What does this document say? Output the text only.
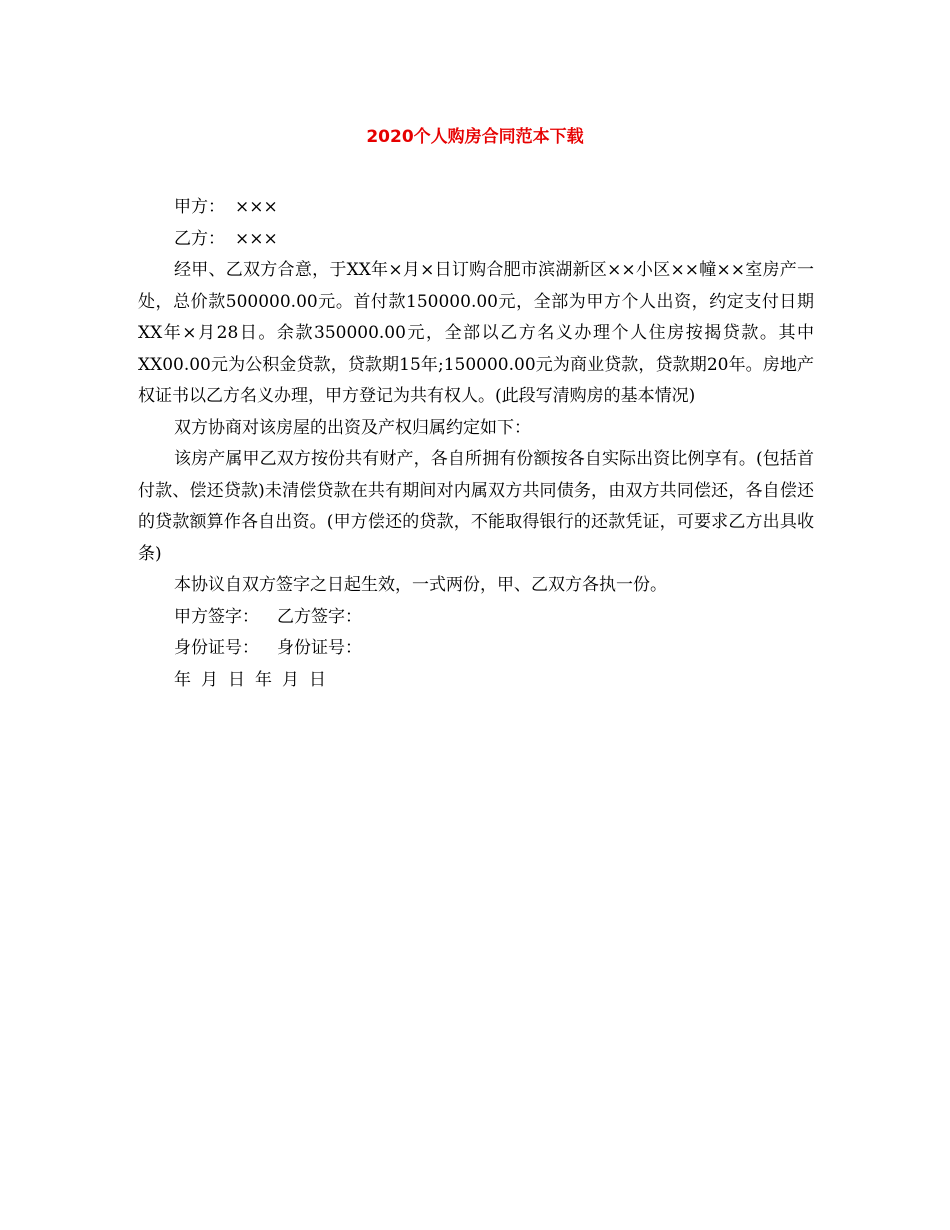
2020个人购房合同范本下载

甲方： ×××

乙方： ×××

经甲、乙双方合意，于XX年×月×日订购合肥市滨湖新区××小区××幢××室房产一处，总价款500000.00元。首付款150000.00元，全部为甲方个人出资，约定支付日期XX年×月28日。余款350000.00元，全部以乙方名义办理个人住房按揭贷款。其中XX00.00元为公积金贷款，贷款期15年;150000.00元为商业贷款，贷款期20年。房地产权证书以乙方名义办理，甲方登记为共有权人。(此段写清购房的基本情况)

双方协商对该房屋的出资及产权归属约定如下：

该房产属甲乙双方按份共有财产，各自所拥有份额按各自实际出资比例享有。(包括首付款、偿还贷款)未清偿贷款在共有期间对内属双方共同债务，由双方共同偿还，各自偿还的贷款额算作各自出资。(甲方偿还的贷款，不能取得银行的还款凭证，可要求乙方出具收条)

本协议自双方签字之日起生效，一式两份，甲、乙双方各执一份。

甲方签字： 乙方签字：

身份证号： 身份证号：

年 月 日 年 月 日
